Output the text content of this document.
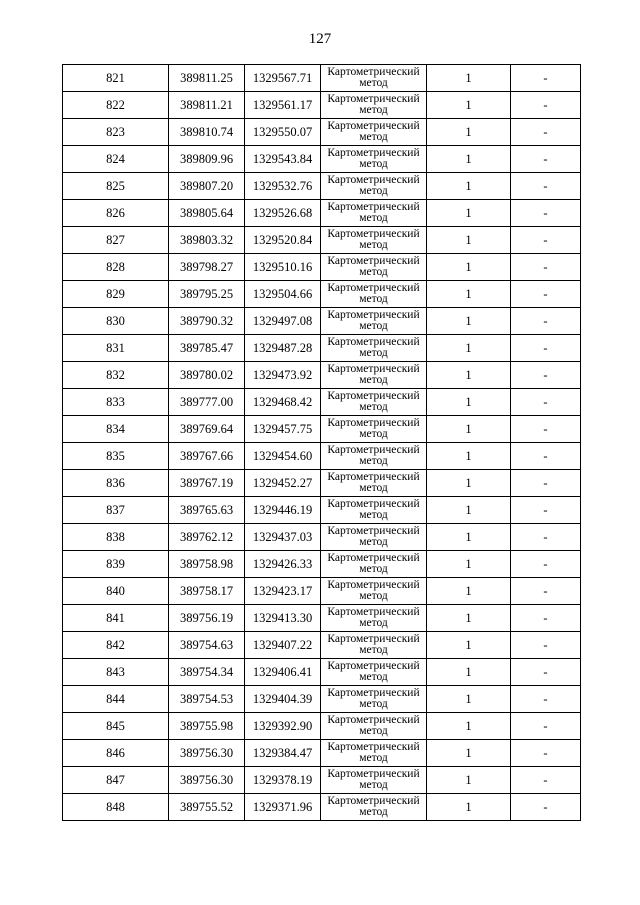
127
821	389811.25	1329567.71	Картометрический метод	1	-
822	389811.21	1329561.17	Картометрический метод	1	-
823	389810.74	1329550.07	Картометрический метод	1	-
824	389809.96	1329543.84	Картометрический метод	1	-
825	389807.20	1329532.76	Картометрический метод	1	-
826	389805.64	1329526.68	Картометрический метод	1	-
827	389803.32	1329520.84	Картометрический метод	1	-
828	389798.27	1329510.16	Картометрический метод	1	-
829	389795.25	1329504.66	Картометрический метод	1	-
830	389790.32	1329497.08	Картометрический метод	1	-
831	389785.47	1329487.28	Картометрический метод	1	-
832	389780.02	1329473.92	Картометрический метод	1	-
833	389777.00	1329468.42	Картометрический метод	1	-
834	389769.64	1329457.75	Картометрический метод	1	-
835	389767.66	1329454.60	Картометрический метод	1	-
836	389767.19	1329452.27	Картометрический метод	1	-
837	389765.63	1329446.19	Картометрический метод	1	-
838	389762.12	1329437.03	Картометрический метод	1	-
839	389758.98	1329426.33	Картометрический метод	1	-
840	389758.17	1329423.17	Картометрический метод	1	-
841	389756.19	1329413.30	Картометрический метод	1	-
842	389754.63	1329407.22	Картометрический метод	1	-
843	389754.34	1329406.41	Картометрический метод	1	-
844	389754.53	1329404.39	Картометрический метод	1	-
845	389755.98	1329392.90	Картометрический метод	1	-
846	389756.30	1329384.47	Картометрический метод	1	-
847	389756.30	1329378.19	Картометрический метод	1	-
848	389755.52	1329371.96	Картометрический метод	1	-
